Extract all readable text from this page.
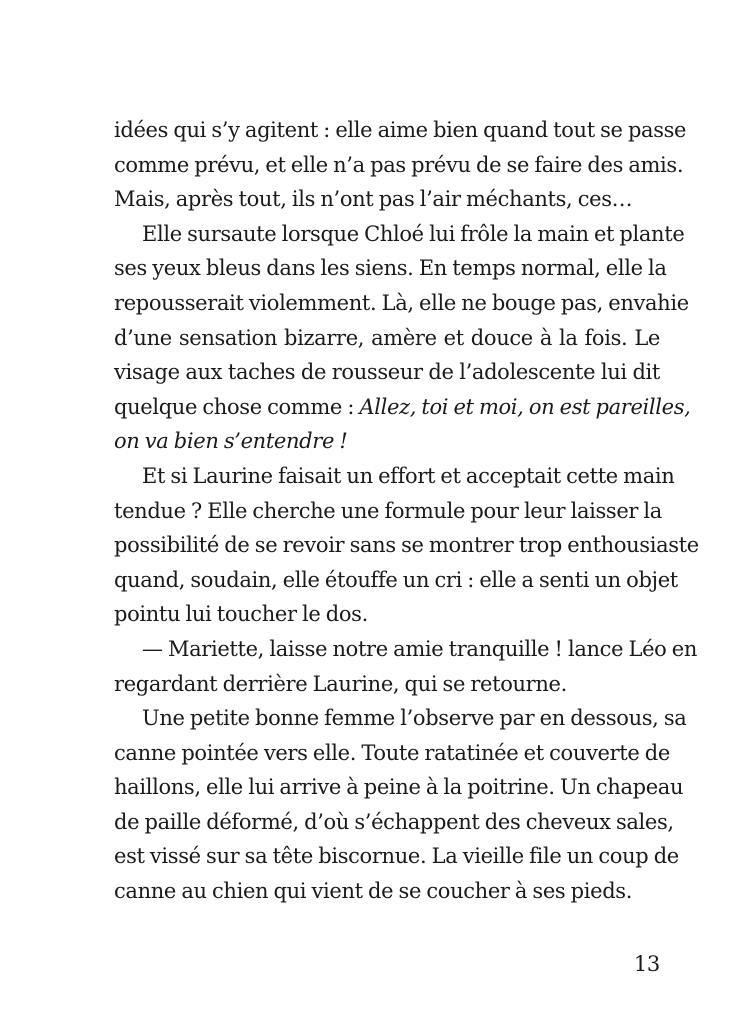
idées qui s’y agitent : elle aime bien quand tout se passe
comme prévu, et elle n’a pas prévu de se faire des amis.
Mais, après tout, ils n’ont pas l’air méchants, ces…
Elle sursaute lorsque Chloé lui frôle la main et plante
ses yeux bleus dans les siens. En temps normal, elle la
repousserait violemment. Là, elle ne bouge pas, envahie
d’une sensation bizarre, amère et douce à la fois. Le
visage aux taches de rousseur de l’adolescente lui dit
quelque chose comme : Allez, toi et moi, on est pareilles,
on va bien s’entendre !
Et si Laurine faisait un effort et acceptait cette main
tendue ? Elle cherche une formule pour leur laisser la
possibilité de se revoir sans se montrer trop enthousiaste
quand, soudain, elle étouffe un cri : elle a senti un objet
pointu lui toucher le dos.
— Mariette, laisse notre amie tranquille ! lance Léo en
regardant derrière Laurine, qui se retourne.
Une petite bonne femme l’observe par en dessous, sa
canne pointée vers elle. Toute ratatinée et couverte de
haillons, elle lui arrive à peine à la poitrine. Un chapeau
de paille déformé, d’où s’échappent des cheveux sales,
est vissé sur sa tête biscornue. La vieille file un coup de
canne au chien qui vient de se coucher à ses pieds.
13
